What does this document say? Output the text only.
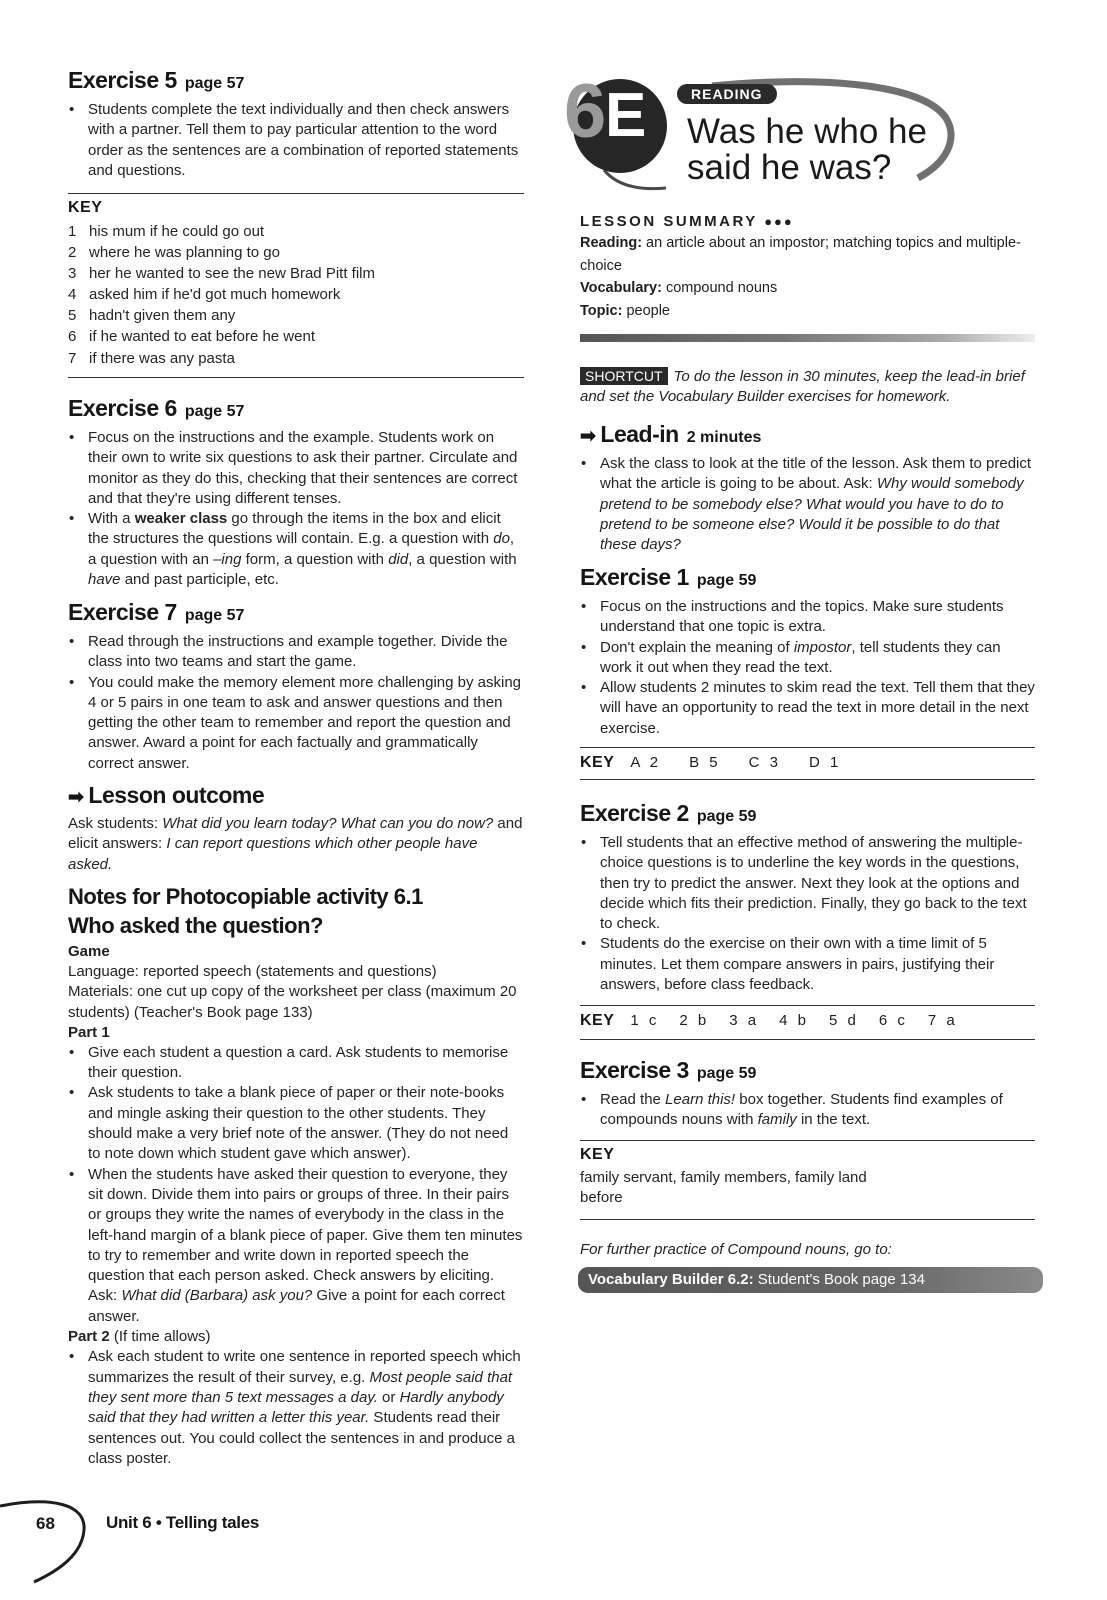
Exercise 5 page 57
• Students complete the text individually and then check answers with a partner. Tell them to pay particular attention to the word order as the sentences are a combination of reported statements and questions.
KEY
1 his mum if he could go out
2 where he was planning to go
3 her he wanted to see the new Brad Pitt film
4 asked him if he'd got much homework
5 hadn't given them any
6 if he wanted to eat before he went
7 if there was any pasta
Exercise 6 page 57
• Focus on the instructions and the example. Students work on their own to write six questions to ask their partner. Circulate and monitor as they do this, checking that their sentences are correct and that they're using different tenses.
• With a weaker class go through the items in the box and elicit the structures the questions will contain. E.g. a question with do, a question with an –ing form, a question with did, a question with have and past participle, etc.
Exercise 7 page 57
• Read through the instructions and example together. Divide the class into two teams and start the game.
• You could make the memory element more challenging by asking 4 or 5 pairs in one team to ask and answer questions and then getting the other team to remember and report the question and answer. Award a point for each factually and grammatically correct answer.
➡ Lesson outcome
Ask students: What did you learn today? What can you do now? and elicit answers: I can report questions which other people have asked.
Notes for Photocopiable activity 6.1
Who asked the question?
Game
Language: reported speech (statements and questions)
Materials: one cut up copy of the worksheet per class (maximum 20 students) (Teacher's Book page 133)
Part 1
• Give each student a question a card. Ask students to memorise their question.
• Ask students to take a blank piece of paper or their note-books and mingle asking their question to the other students. They should make a very brief note of the answer. (They do not need to note down which student gave which answer).
• When the students have asked their question to everyone, they sit down. Divide them into pairs or groups of three. In their pairs or groups they write the names of everybody in the class in the left-hand margin of a blank piece of paper. Give them ten minutes to try to remember and write down in reported speech the question that each person asked. Check answers by eliciting. Ask: What did (Barbara) ask you? Give a point for each correct answer.
Part 2 (If time allows)
• Ask each student to write one sentence in reported speech which summarizes the result of their survey, e.g. Most people said that they sent more than 5 text messages a day. or Hardly anybody said that they had written a letter this year. Students read their sentences out. You could collect the sentences in and produce a class poster.
6
E	READING
Was he who he
said he was?
LESSON SUMMARY ●●●
Reading: an article about an impostor; matching topics and multiple-choice
Vocabulary: compound nouns
Topic: people
SHORTCUT To do the lesson in 30 minutes, keep the lead-in brief and set the Vocabulary Builder exercises for homework.
➡ Lead-in 2 minutes
• Ask the class to look at the title of the lesson. Ask them to predict what the article is going to be about. Ask: Why would somebody pretend to be somebody else? What would you have to do to pretend to be someone else? Would it be possible to do that these days?
Exercise 1 page 59
• Focus on the instructions and the topics. Make sure students understand that one topic is extra.
• Don't explain the meaning of impostor, tell students they can work it out when they read the text.
• Allow students 2 minutes to skim read the text. Tell them that they will have an opportunity to read the text in more detail in the next exercise.
KEY A 2 B 5 C 3 D 1
Exercise 2 page 59
• Tell students that an effective method of answering the multiple-choice questions is to underline the key words in the questions, then try to predict the answer. Next they look at the options and decide which fits their prediction. Finally, they go back to the text to check.
• Students do the exercise on their own with a time limit of 5 minutes. Let them compare answers in pairs, justifying their answers, before class feedback.
KEY 1 c 2 b 3 a 4 b 5 d 6 c 7 a
Exercise 3 page 59
• Read the Learn this! box together. Students find examples of compounds nouns with family in the text.
KEY
family servant, family members, family land before
For further practice of Compound nouns, go to:
Vocabulary Builder 6.2: Student's Book page 134
68	Unit 6 • Telling tales
